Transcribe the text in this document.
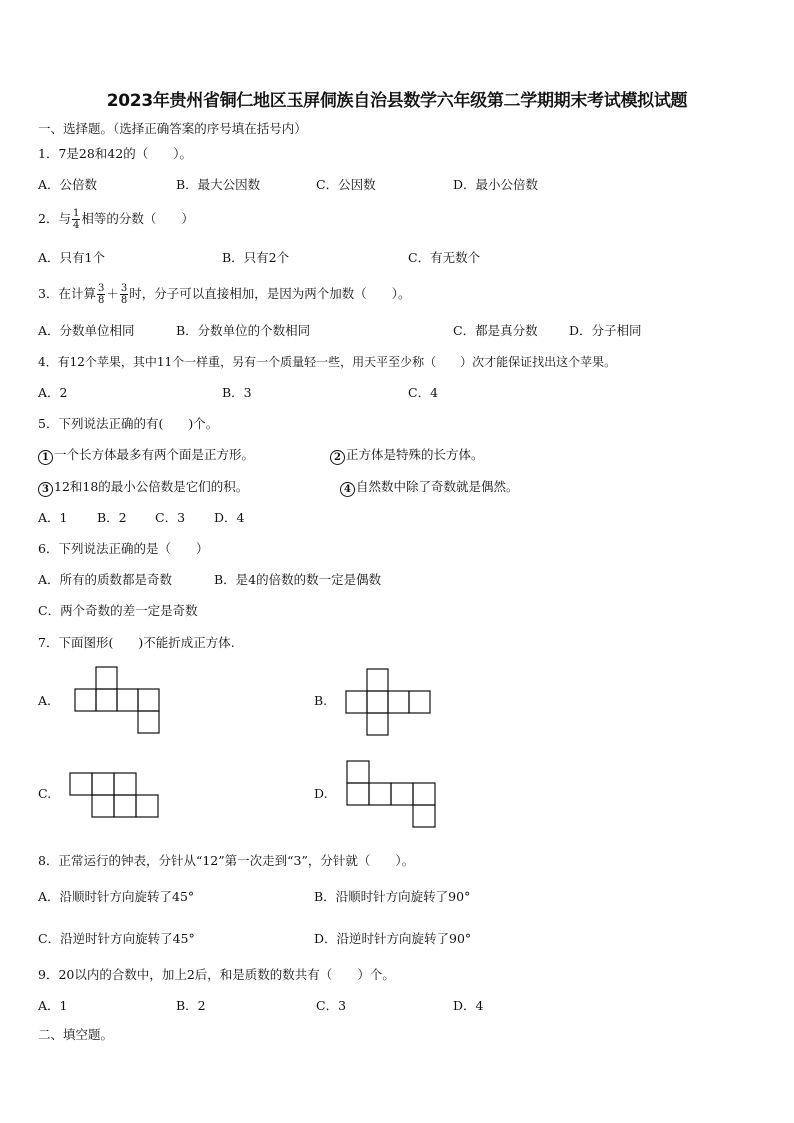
2023年贵州省铜仁地区玉屏侗族自治县数学六年级第二学期期末考试模拟试题
一、选择题。（选择正确答案的序号填在括号内）
1．7是28和42的（　　）。
A．公倍数	B．最大公因数	C．公因数	D．最小公倍数
2．与 $\frac{1}{4}$ 相等的分数（　　）
A．只有1个	B．只有2个	C．有无数个
3．在计算 $\frac{3}{8} + \frac{3}{8}$ 时，分子可以直接相加，是因为两个加数（　　）。
A．分数单位相同	B．分数单位的个数相同	C．都是真分数	D．分子相同
4．有12个苹果，其中11个一样重，另有一个质量轻一些，用天平至少称（　　）次才能保证找出这个苹果。
A．2	B．3	C．4
5．下列说法正确的有(　　)个。
1 一个长方体最多有两个面是正方形。	2 正方体是特殊的长方体。
3 12和18的最小公倍数是它们的积。	4 自然数中除了奇数就是偶然。
A．1 B．2 C．3 D．4
6．下列说法正确的是（　　）
A．所有的质数都是奇数	B．是4的倍数的数一定是偶数
C．两个奇数的差一定是奇数
7．下面图形(　　)不能折成正方体.
A.	B.
C.	D.
8．正常运行的钟表，分针从“12”第一次走到“3”，分针就（　　）。
A．沿顺时针方向旋转了45°	B．沿顺时针方向旋转了90°
C．沿逆时针方向旋转了45°	D．沿逆时针方向旋转了90°
9．20以内的合数中，加上2后，和是质数的数共有（　　）个。
A．1	B．2	C．3	D．4
二、填空题。
